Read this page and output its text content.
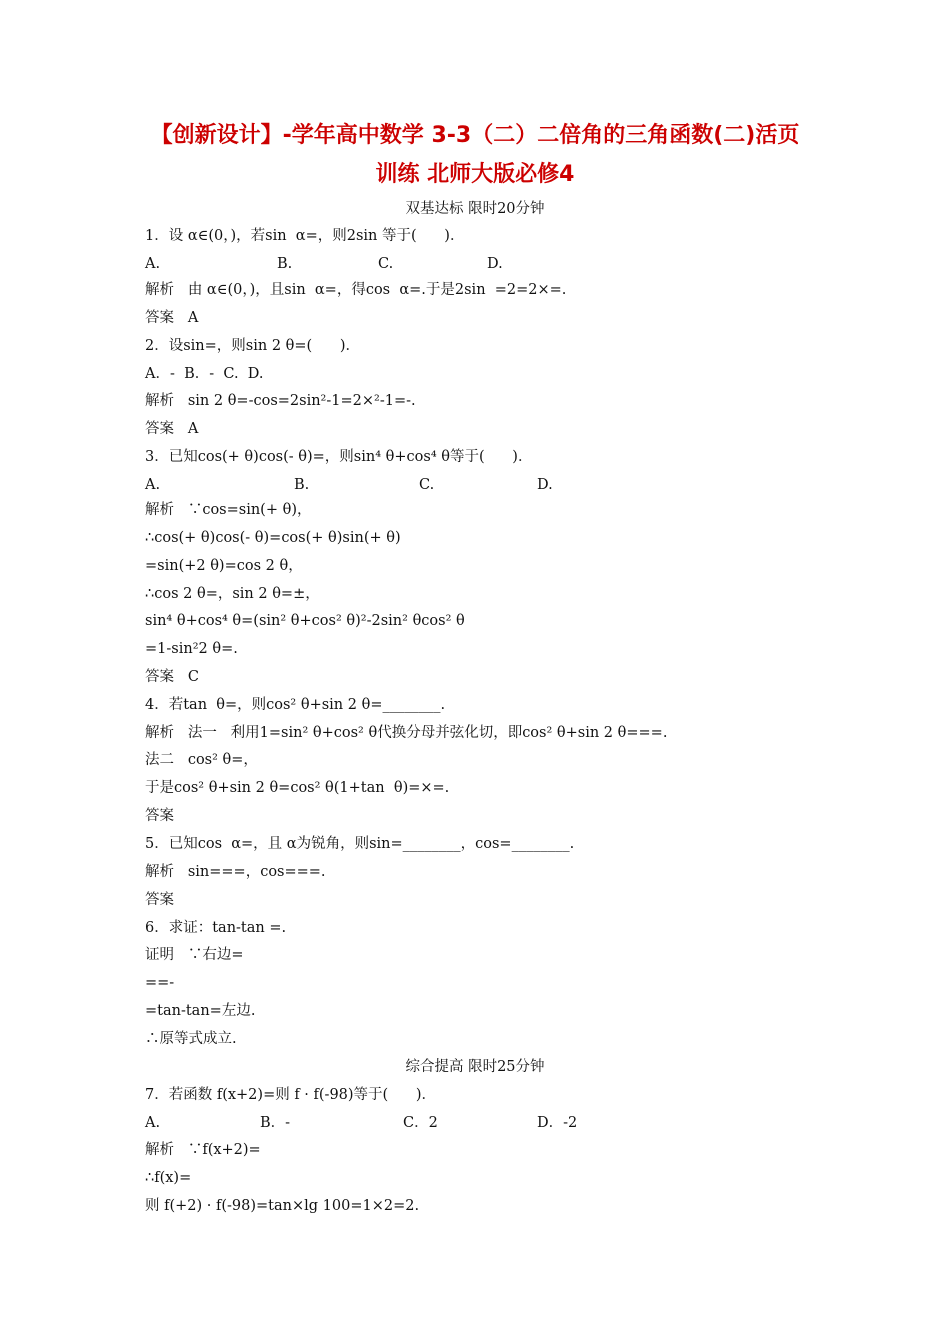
【创新设计】-学年高中数学 3-3（二）二倍角的三角函数(二)活页
训练 北师大版必修4
双基达标 限时20分钟
1．设 α∈(0，)，若sin  α=，则2sin 等于(      )．
A.	B.	C.	D.
解析   由 α∈(0，)，且sin  α=，得cos  α=.于是2sin  =2=2×=.
答案   A
2．设sin=，则sin 2 θ=(      )．
A．-  B．-  C.  D.
解析   sin 2 θ=-cos=2sin²-1=2×²-1=-.
答案   A
3．已知cos(+ θ)cos(- θ)=，则sin⁴ θ+cos⁴ θ等于(      )．
A.	B.	C.	D.
解析   ∵cos=sin(+ θ)，
∴cos(+ θ)cos(- θ)=cos(+ θ)sin(+ θ)
=sin(+2 θ)=cos 2 θ，
∴cos 2 θ=，sin 2 θ=±，
sin⁴ θ+cos⁴ θ=(sin² θ+cos² θ)²-2sin² θcos² θ
=1-sin²2 θ=.
答案   C
4．若tan  θ=，则cos² θ+sin 2 θ=________.
解析   法一   利用1=sin² θ+cos² θ代换分母并弦化切，即cos² θ+sin 2 θ===.
法二   cos² θ=，
于是cos² θ+sin 2 θ=cos² θ(1+tan  θ)=×=.
答案
5．已知cos  α=，且 α为锐角，则sin=________，cos=________.
解析   sin===，cos===.
答案
6．求证：tan-tan =.
证明   ∵右边=
==-
=tan-tan=左边.
∴原等式成立.
综合提高 限时25分钟
7．若函数 f(x+2)=则 f · f(-98)等于(      )．
A.	B．-	C．2	D．-2
解析   ∵f(x+2)=
∴f(x)=
则 f(+2) · f(-98)=tan×lg 100=1×2=2.
